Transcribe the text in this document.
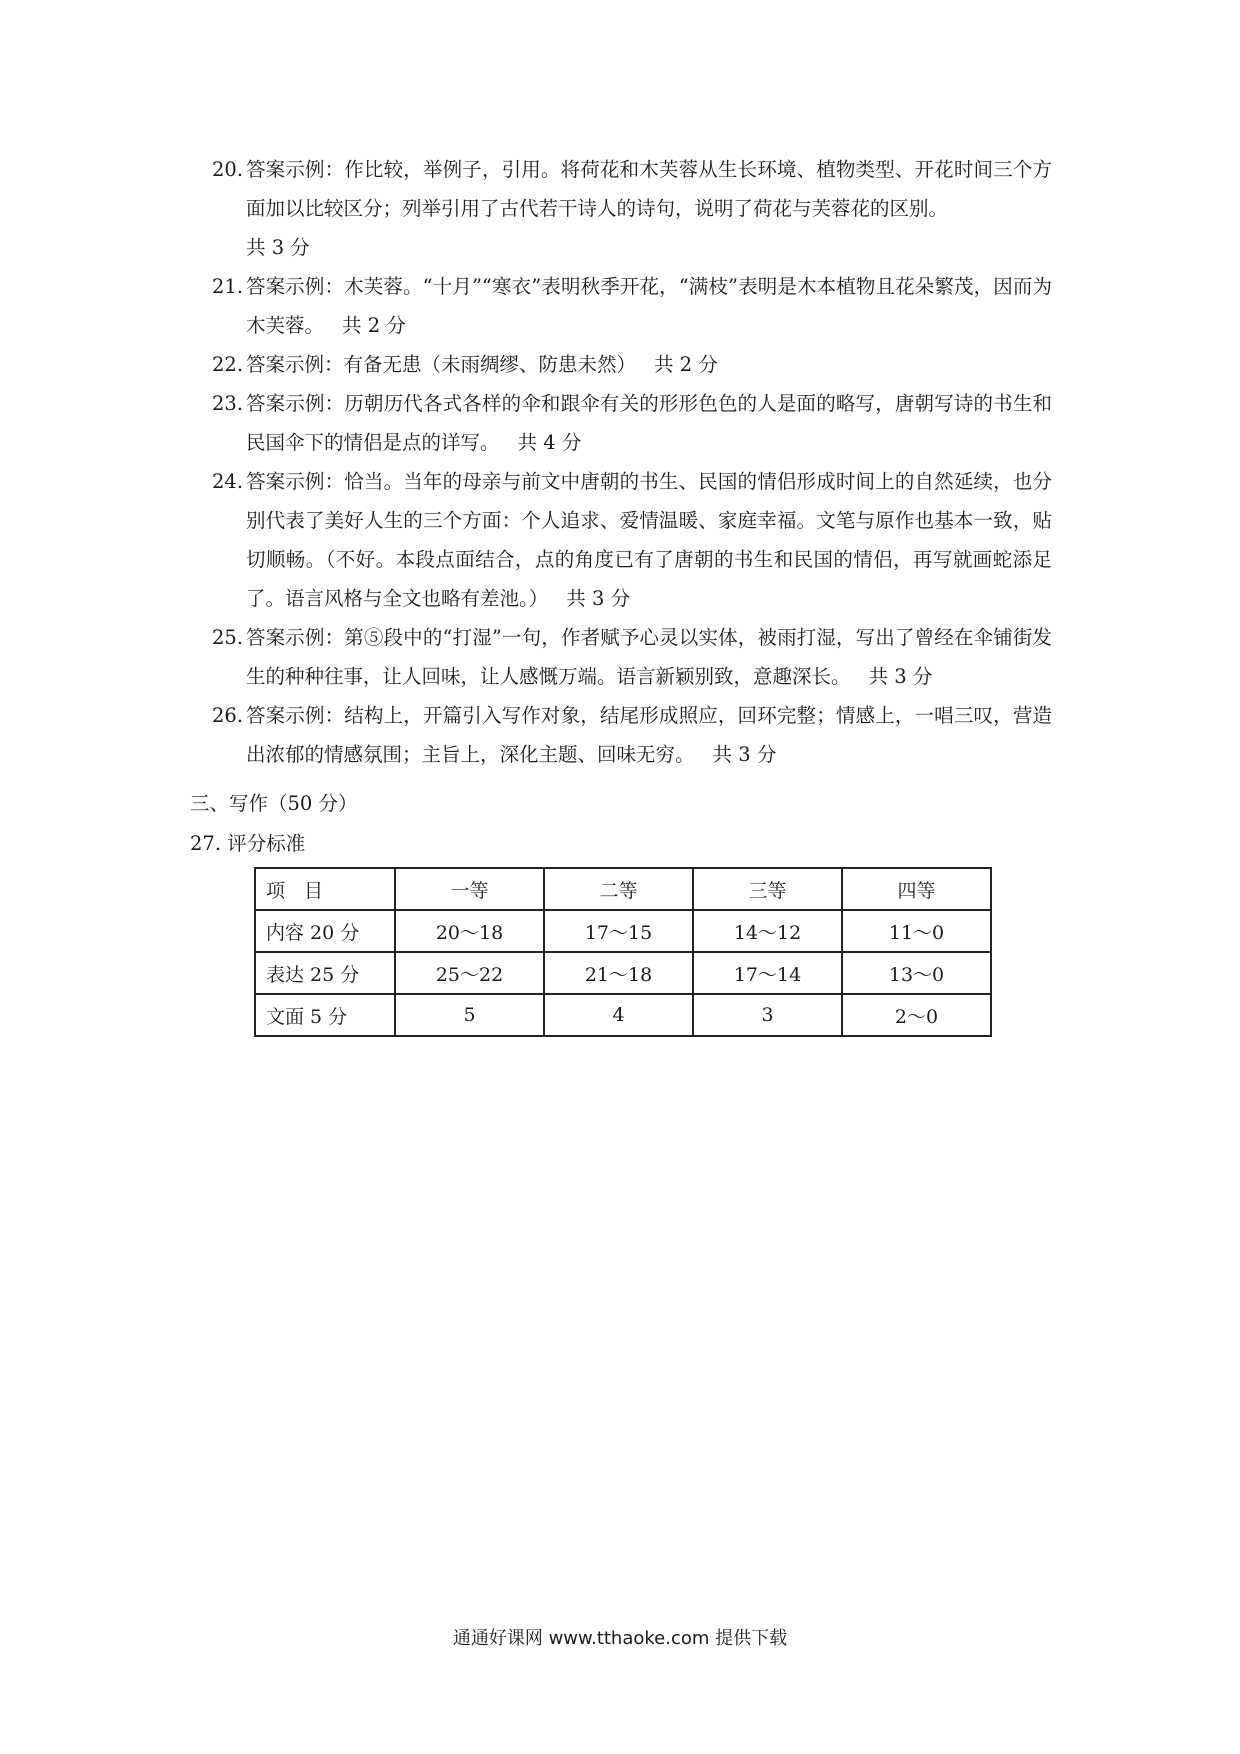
20. 答案示例：作比较，举例子，引用。将荷花和木芙蓉从生长环境、植物类型、开花时间三个方面加以比较区分；列举引用了古代若干诗人的诗句，说明了荷花与芙蓉花的区别。
共 3 分
21. 答案示例：木芙蓉。“十月”“寒衣”表明秋季开花，“满枝”表明是木本植物且花朵繁茂，因而为木芙蓉。 共 2 分
22. 答案示例：有备无患（未雨绸缪、防患未然） 共 2 分
23. 答案示例：历朝历代各式各样的伞和跟伞有关的形形色色的人是面的略写，唐朝写诗的书生和民国伞下的情侣是点的详写。 共 4 分
24. 答案示例：恰当。当年的母亲与前文中唐朝的书生、民国的情侣形成时间上的自然延续，也分别代表了美好人生的三个方面：个人追求、爱情温暖、家庭幸福。文笔与原作也基本一致，贴切顺畅。（不好。本段点面结合，点的角度已有了唐朝的书生和民国的情侣，再写就画蛇添足了。语言风格与全文也略有差池。） 共 3 分
25. 答案示例：第⑤段中的“打湿”一句，作者赋予心灵以实体，被雨打湿，写出了曾经在伞铺街发生的种种往事，让人回味，让人感慨万端。语言新颖别致，意趣深长。 共 3 分
26. 答案示例：结构上，开篇引入写作对象，结尾形成照应，回环完整；情感上，一唱三叹，营造出浓郁的情感氛围；主旨上，深化主题、回味无穷。 共 3 分
三、写作（50 分）
27. 评分标准
项　目	一等	二等	三等	四等
内容 20 分	20～18	17～15	14～12	11～0
表达 25 分	25～22	21～18	17～14	13～0
文面 5 分	5	4	3	2～0
通通好课网 www.tthaoke.com 提供下载
